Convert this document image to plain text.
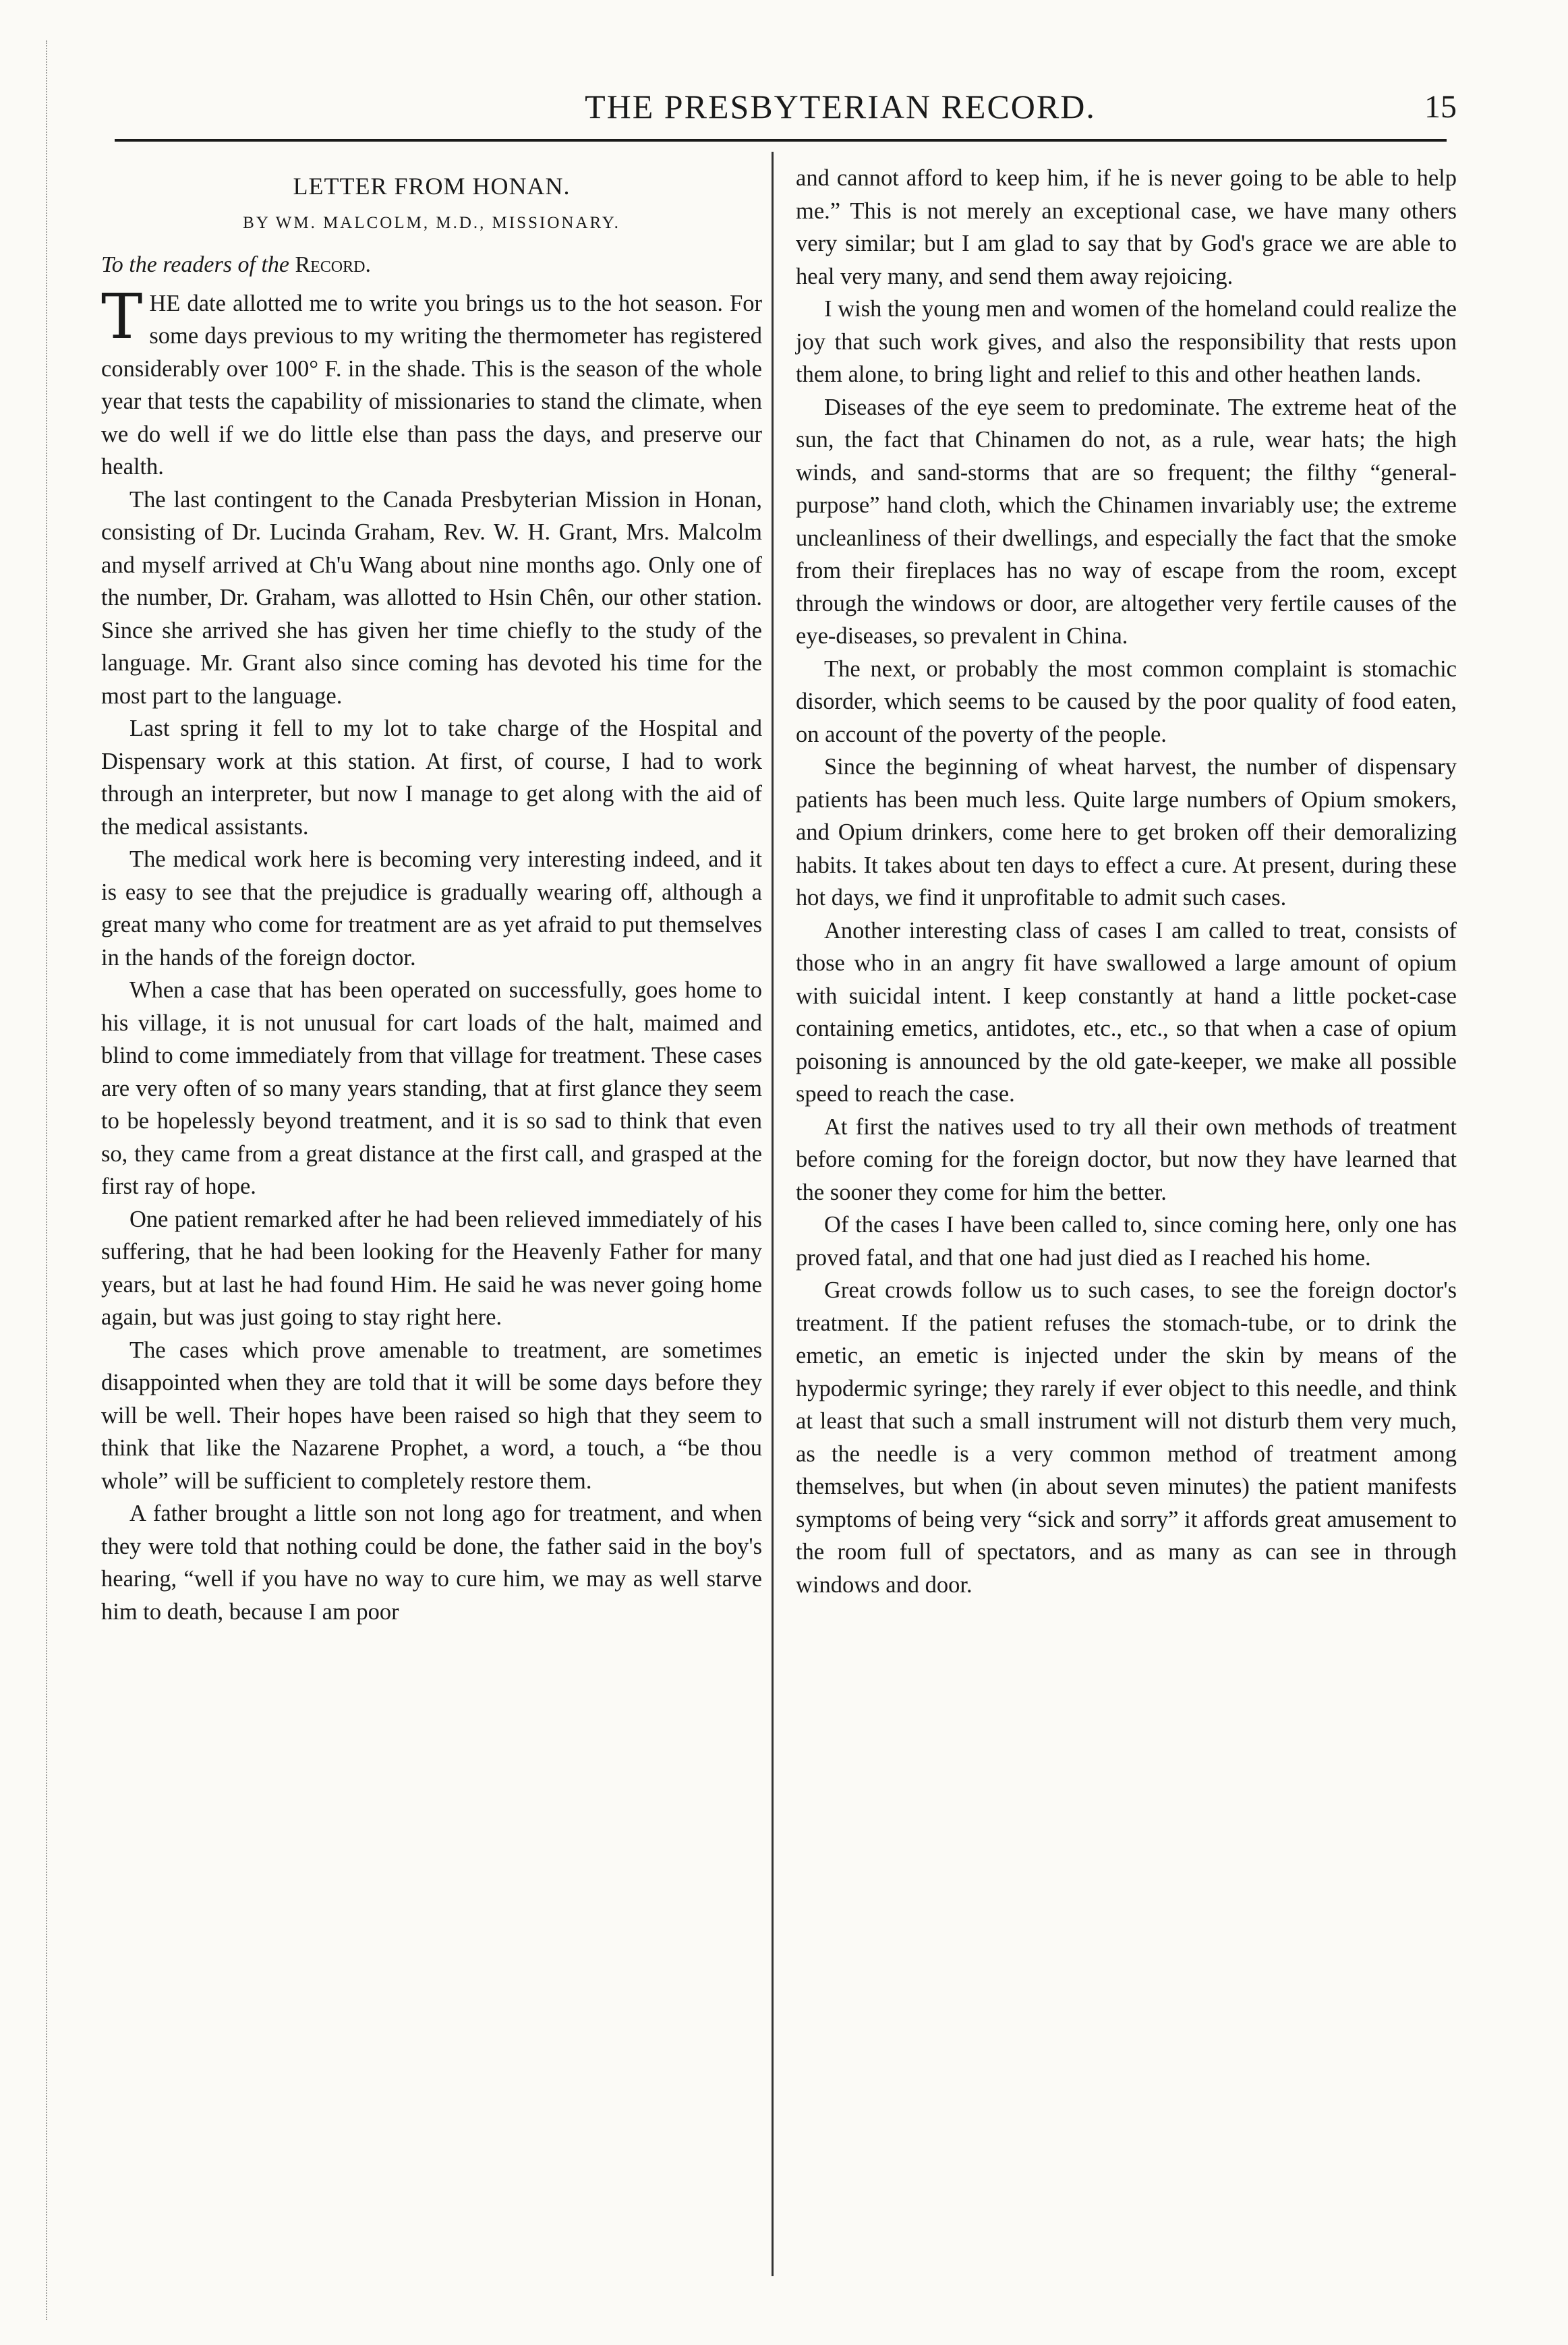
THE PRESBYTERIAN RECORD.	15
LETTER FROM HONAN.
BY WM. MALCOLM, M.D., MISSIONARY.
To the readers of the Record.

THE date allotted me to write you brings us to the hot season. For some days previous to my writing the thermometer has registered considerably over 100° F. in the shade. This is the season of the whole year that tests the capability of missionaries to stand the climate, when we do well if we do little else than pass the days, and preserve our health.

The last contingent to the Canada Presbyterian Mission in Honan, consisting of Dr. Lucinda Graham, Rev. W. H. Grant, Mrs. Malcolm and myself arrived at Ch'u Wang about nine months ago. Only one of the number, Dr. Graham, was allotted to Hsin Chên, our other station. Since she arrived she has given her time chiefly to the study of the language. Mr. Grant also since coming has devoted his time for the most part to the language.

Last spring it fell to my lot to take charge of the Hospital and Dispensary work at this station. At first, of course, I had to work through an interpreter, but now I manage to get along with the aid of the medical assistants.

The medical work here is becoming very interesting indeed, and it is easy to see that the prejudice is gradually wearing off, although a great many who come for treatment are as yet afraid to put themselves in the hands of the foreign doctor.

When a case that has been operated on successfully, goes home to his village, it is not unusual for cart loads of the halt, maimed and blind to come immediately from that village for treatment. These cases are very often of so many years standing, that at first glance they seem to be hopelessly beyond treatment, and it is so sad to think that even so, they came from a great distance at the first call, and grasped at the first ray of hope.

One patient remarked after he had been relieved immediately of his suffering, that he had been looking for the Heavenly Father for many years, but at last he had found Him. He said he was never going home again, but was just going to stay right here.

The cases which prove amenable to treatment, are sometimes disappointed when they are told that it will be some days before they will be well. Their hopes have been raised so high that they seem to think that like the Nazarene Prophet, a word, a touch, a “be thou whole” will be sufficient to completely restore them.

A father brought a little son not long ago for treatment, and when they were told that nothing could be done, the father said in the boy's hearing, “well if you have no way to cure him, we may as well starve him to death, because I am poor

and cannot afford to keep him, if he is never going to be able to help me.” This is not merely an exceptional case, we have many others very similar; but I am glad to say that by God's grace we are able to heal very many, and send them away rejoicing.

I wish the young men and women of the homeland could realize the joy that such work gives, and also the responsibility that rests upon them alone, to bring light and relief to this and other heathen lands.

Diseases of the eye seem to predominate. The extreme heat of the sun, the fact that Chinamen do not, as a rule, wear hats; the high winds, and sand-storms that are so frequent; the filthy “general-purpose” hand cloth, which the Chinamen invariably use; the extreme uncleanliness of their dwellings, and especially the fact that the smoke from their fireplaces has no way of escape from the room, except through the windows or door, are altogether very fertile causes of the eye-diseases, so prevalent in China.

The next, or probably the most common complaint is stomachic disorder, which seems to be caused by the poor quality of food eaten, on account of the poverty of the people.

Since the beginning of wheat harvest, the number of dispensary patients has been much less. Quite large numbers of Opium smokers, and Opium drinkers, come here to get broken off their demoralizing habits. It takes about ten days to effect a cure. At present, during these hot days, we find it unprofitable to admit such cases.

Another interesting class of cases I am called to treat, consists of those who in an angry fit have swallowed a large amount of opium with suicidal intent. I keep constantly at hand a little pocket-case containing emetics, antidotes, etc., etc., so that when a case of opium poisoning is announced by the old gate-keeper, we make all possible speed to reach the case.

At first the natives used to try all their own methods of treatment before coming for the foreign doctor, but now they have learned that the sooner they come for him the better.

Of the cases I have been called to, since coming here, only one has proved fatal, and that one had just died as I reached his home.

Great crowds follow us to such cases, to see the foreign doctor's treatment. If the patient refuses the stomach-tube, or to drink the emetic, an emetic is injected under the skin by means of the hypodermic syringe; they rarely if ever object to this needle, and think at least that such a small instrument will not disturb them very much, as the needle is a very common method of treatment among themselves, but when (in about seven minutes) the patient manifests symptoms of being very “sick and sorry” it affords great amusement to the room full of spectators, and as many as can see in through windows and door.
